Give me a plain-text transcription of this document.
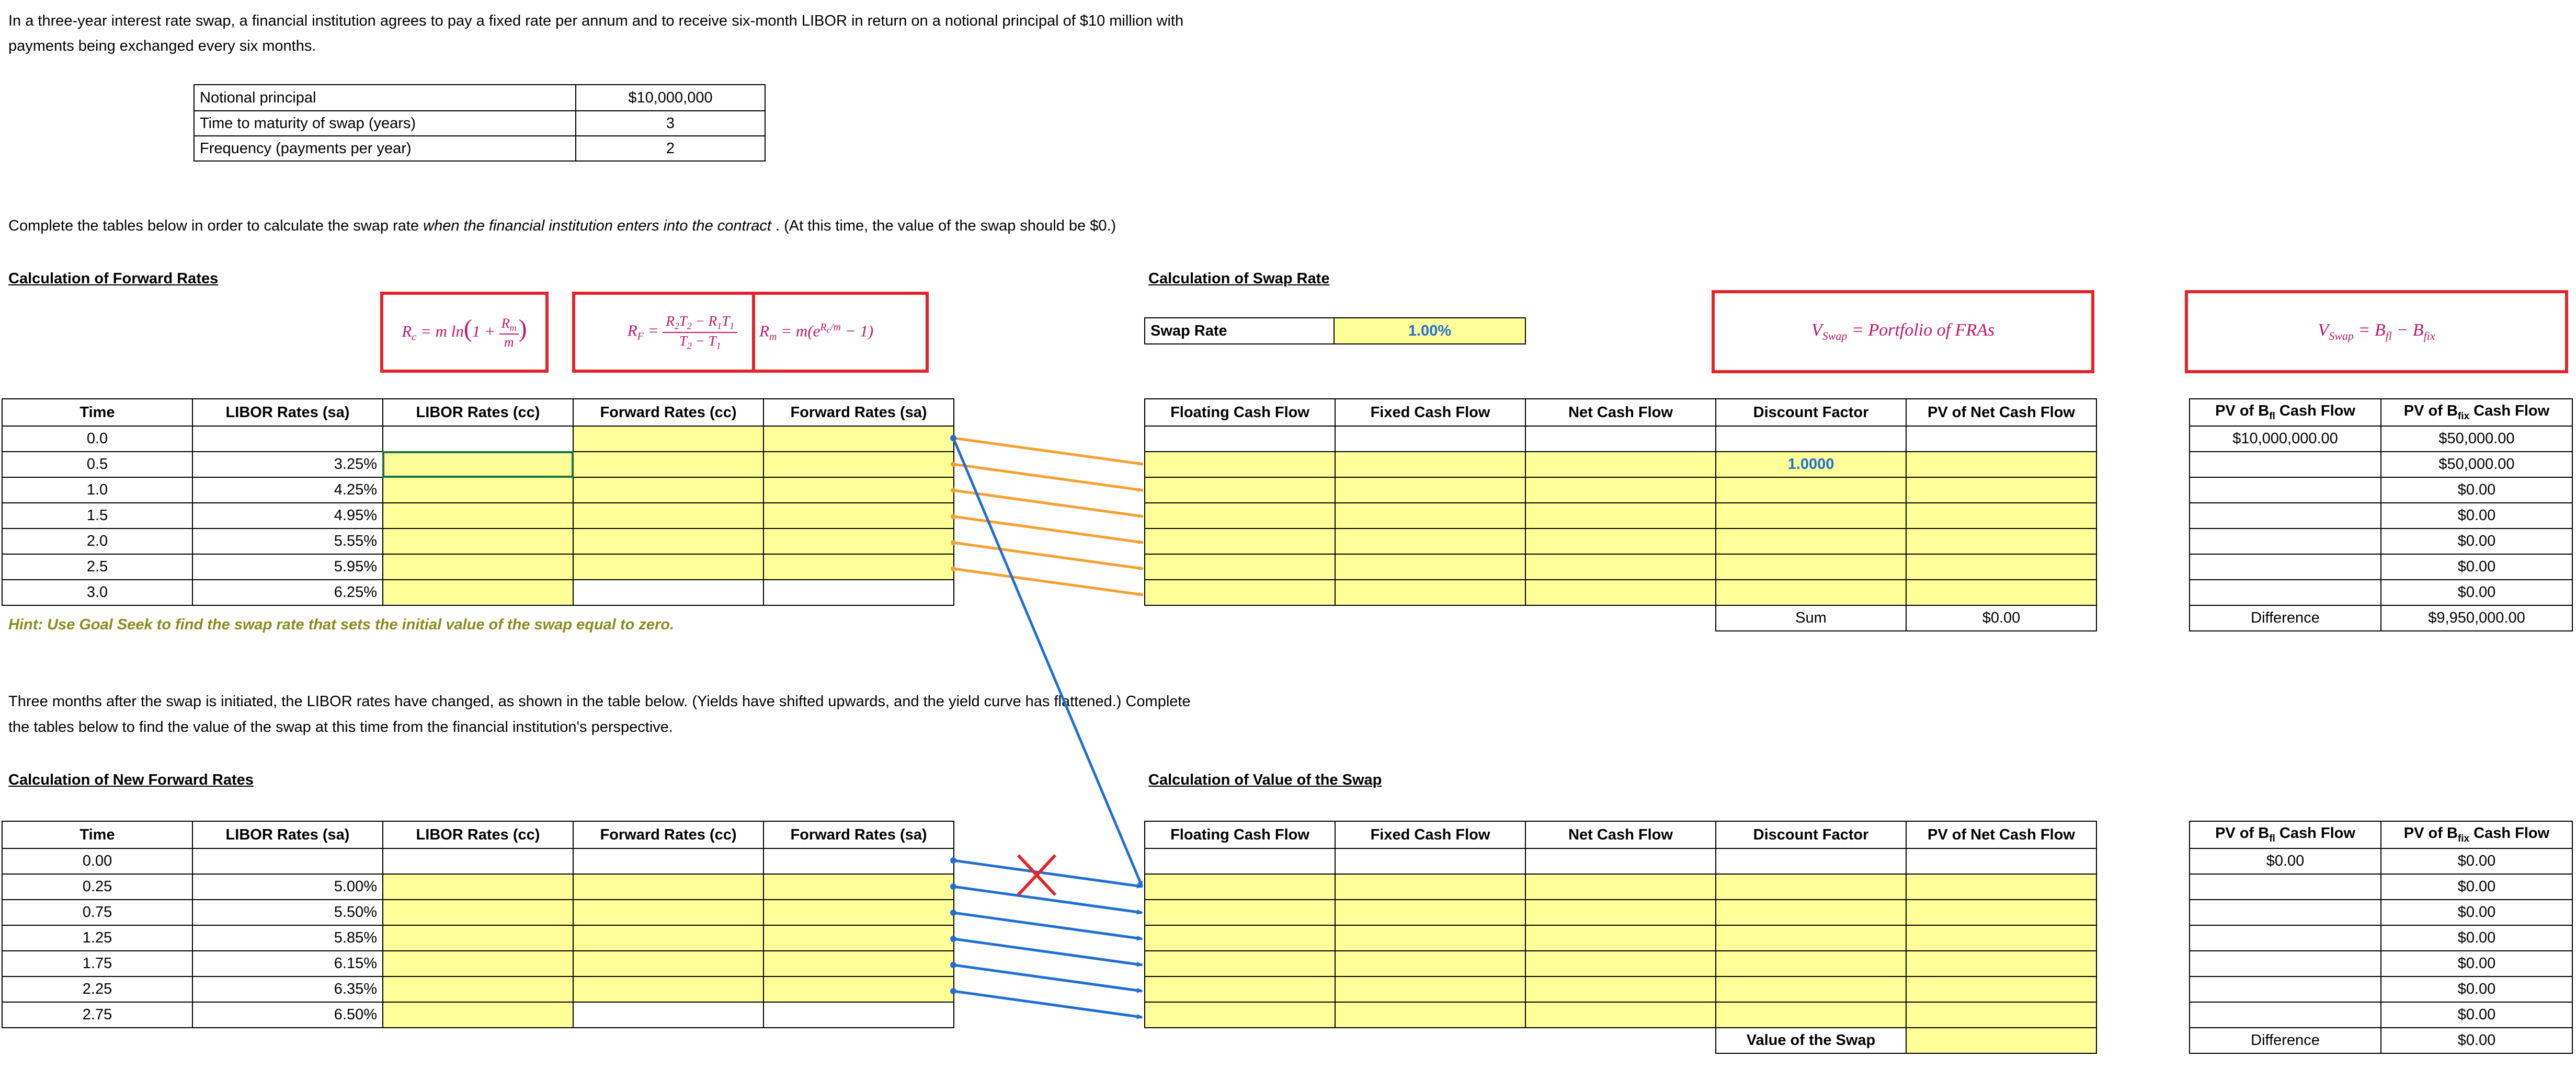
In a three-year interest rate swap, a financial institution agrees to pay a fixed rate per annum and to receive six-month LIBOR in return on a notional principal of $10 million with
payments being exchanged every six months.
Notional principal	$10,000,000
Time to maturity of swap (years)	3
Frequency (payments per year)	2
Complete the tables below in order to calculate the swap rate when the financial institution enters into the contract . (At this time, the value of the swap should be $0.)
Calculation of Forward Rates	Calculation of Swap Rate
$R_c = m$ $\ln(1 + \frac{R_m}{m}$ )	$R_F = \frac{R_2T_2 - R_1T_1}{T_2 - T_1} R_m = m(e^{R_c/m} - 1)$	Swap Rate	1.00%	$V_{Swap}$ = Portfolio of FRAs	$V_{Swap} = B_{fl} - B_{fix}$
Time	LIBOR Rates (sa)	LIBOR Rates (cc)	Forward Rates (cc)	Forward Rates (sa)
0.0				
0.5	3.25%			
1.0	4.25%			
1.5	4.95%			
2.0	5.55%			
2.5	5.95%			
3.0	6.25%			
Floating Cash Flow	Fixed Cash Flow	Net Cash Flow	Discount Factor	PV of Net Cash Flow

			1.0000	

			Sum	$0.00
PV of $B_{fl}$ Cash Flow	PV of $B_{fix}$ Cash Flow
$10,000,000.00	$50,000.00
	$50,000.00
	$0.00
	$0.00
	$0.00
	$0.00
	$0.00
Difference	$9,950,000.00
Hint: Use Goal Seek to find the swap rate that sets the initial value of the swap equal to zero.
Three months after the swap is initiated, the LIBOR rates have changed, as shown in the table below. (Yields have shifted upwards, and the yield curve has flattened.) Complete
the tables below to find the value of the swap at this time from the financial institution's perspective.
Calculation of New Forward Rates	Calculation of Value of the Swap
Time	LIBOR Rates (sa)	LIBOR Rates (cc)	Forward Rates (cc)	Forward Rates (sa)
0.00				
0.25	5.00%			
0.75	5.50%			
1.25	5.85%			
1.75	6.15%			
2.25	6.35%			
2.75	6.50%			
Floating Cash Flow	Fixed Cash Flow	Net Cash Flow	Discount Factor	PV of Net Cash Flow

			Value of the Swap	
PV of $B_{fl}$ Cash Flow	PV of $B_{fix}$ Cash Flow
$0.00	$0.00
	$0.00
	$0.00
	$0.00
	$0.00
	$0.00
	$0.00
Difference	$0.00
